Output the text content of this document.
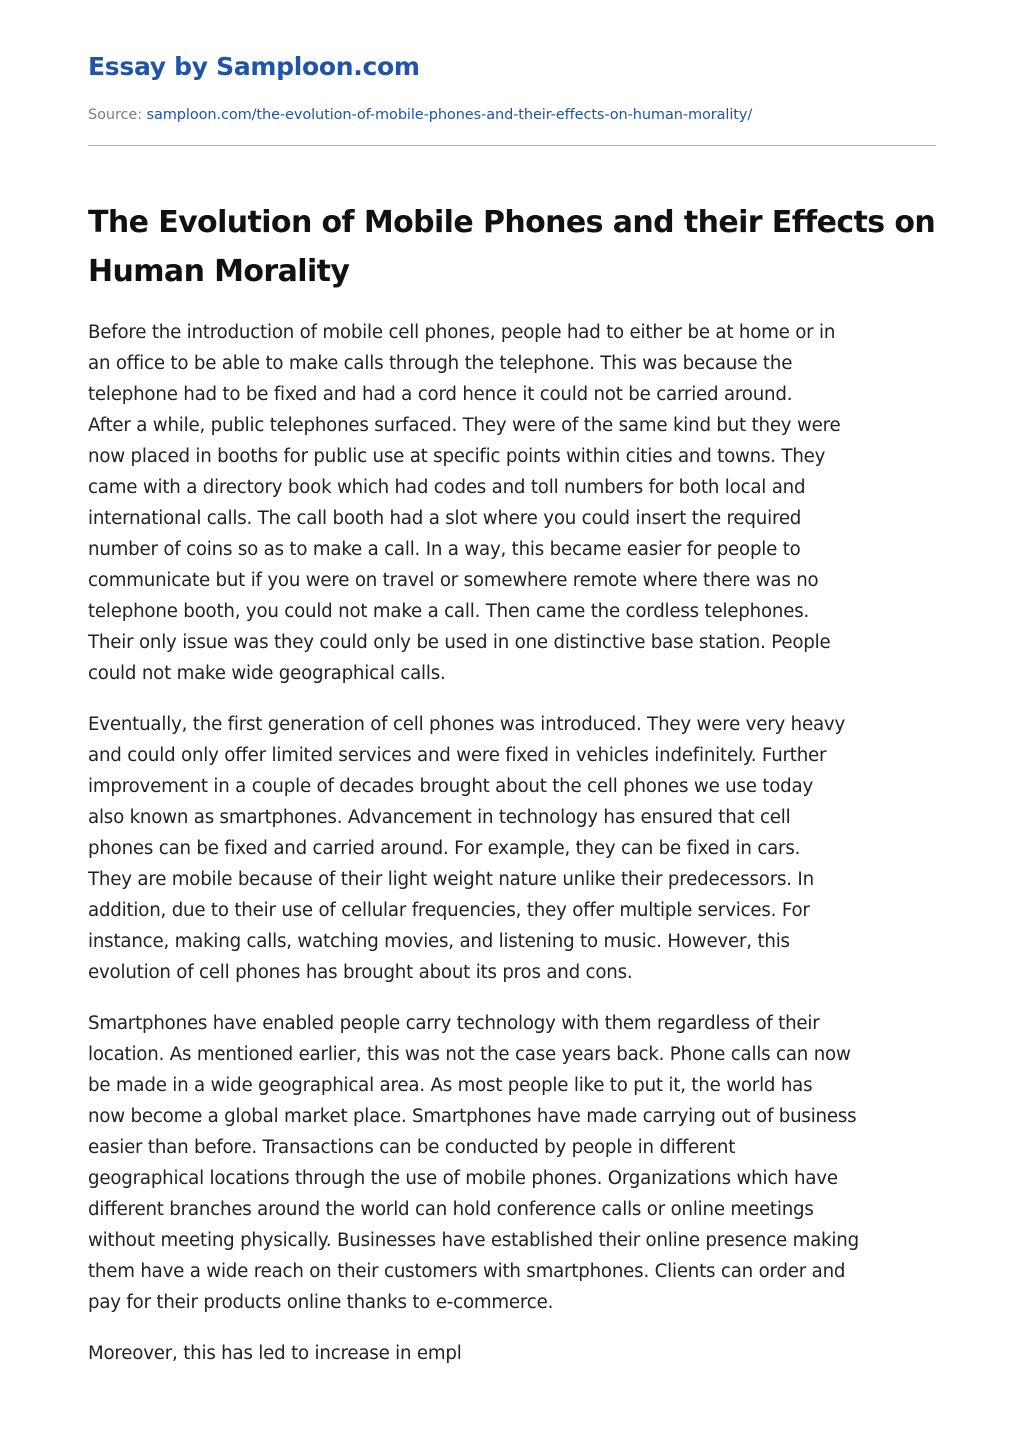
Essay by Samploon.com
Source: samploon.com/the-evolution-of-mobile-phones-and-their-effects-on-human-morality/
The Evolution of Mobile Phones and their Effects on
Human Morality

Before the introduction of mobile cell phones, people had to either be at home or in
an office to be able to make calls through the telephone. This was because the
telephone had to be fixed and had a cord hence it could not be carried around.
After a while, public telephones surfaced. They were of the same kind but they were
now placed in booths for public use at specific points within cities and towns. They
came with a directory book which had codes and toll numbers for both local and
international calls. The call booth had a slot where you could insert the required
number of coins so as to make a call. In a way, this became easier for people to
communicate but if you were on travel or somewhere remote where there was no
telephone booth, you could not make a call. Then came the cordless telephones.
Their only issue was they could only be used in one distinctive base station. People
could not make wide geographical calls.

Eventually, the first generation of cell phones was introduced. They were very heavy
and could only offer limited services and were fixed in vehicles indefinitely. Further
improvement in a couple of decades brought about the cell phones we use today
also known as smartphones. Advancement in technology has ensured that cell
phones can be fixed and carried around. For example, they can be fixed in cars.
They are mobile because of their light weight nature unlike their predecessors. In
addition, due to their use of cellular frequencies, they offer multiple services. For
instance, making calls, watching movies, and listening to music. However, this
evolution of cell phones has brought about its pros and cons.

Smartphones have enabled people carry technology with them regardless of their
location. As mentioned earlier, this was not the case years back. Phone calls can now
be made in a wide geographical area. As most people like to put it, the world has
now become a global market place. Smartphones have made carrying out of business
easier than before. Transactions can be conducted by people in different
geographical locations through the use of mobile phones. Organizations which have
different branches around the world can hold conference calls or online meetings
without meeting physically. Businesses have established their online presence making
them have a wide reach on their customers with smartphones. Clients can order and
pay for their products online thanks to e-commerce.

Moreover, this has led to increase in empl
